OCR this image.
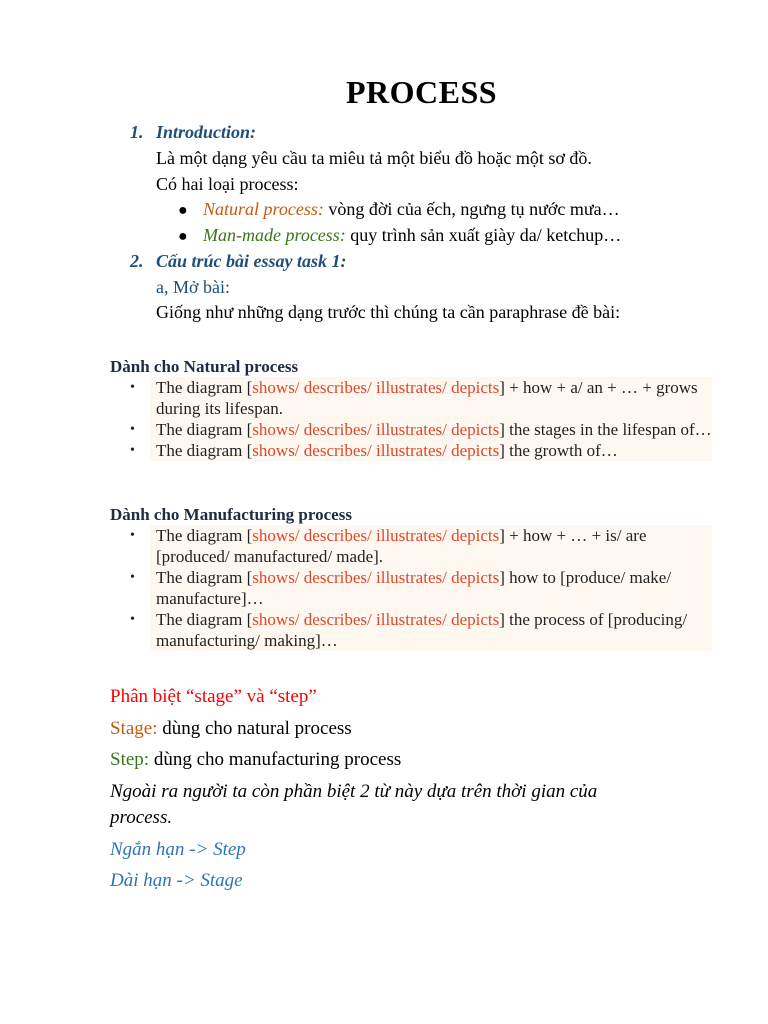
PROCESS
1. Introduction:
Là một dạng yêu cầu ta miêu tả một biểu đồ hoặc một sơ đồ.
Có hai loại process:
● Natural process: vòng đời của ếch, ngưng tụ nước mưa…
● Man-made process: quy trình sản xuất giày da/ ketchup…
2. Cấu trúc bài essay task 1:
a, Mở bài:
Giống như những dạng trước thì chúng ta cần paraphrase đề bài:
Dành cho Natural process
• The diagram [shows/ describes/ illustrates/ depicts] + how + a/ an + … + grows during its lifespan.
• The diagram [shows/ describes/ illustrates/ depicts] the stages in the lifespan of…
• The diagram [shows/ describes/ illustrates/ depicts] the growth of…
Dành cho Manufacturing process
• The diagram [shows/ describes/ illustrates/ depicts] + how + … + is/ are [produced/ manufactured/ made].
• The diagram [shows/ describes/ illustrates/ depicts] how to [produce/ make/ manufacture]…
• The diagram [shows/ describes/ illustrates/ depicts] the process of [producing/ manufacturing/ making]…
Phân biệt “stage” và “step”
Stage: dùng cho natural process
Step: dùng cho manufacturing process
Ngoài ra người ta còn phần biệt 2 từ này dựa trên thời gian của process.
Ngắn hạn -> Step
Dài hạn -> Stage
